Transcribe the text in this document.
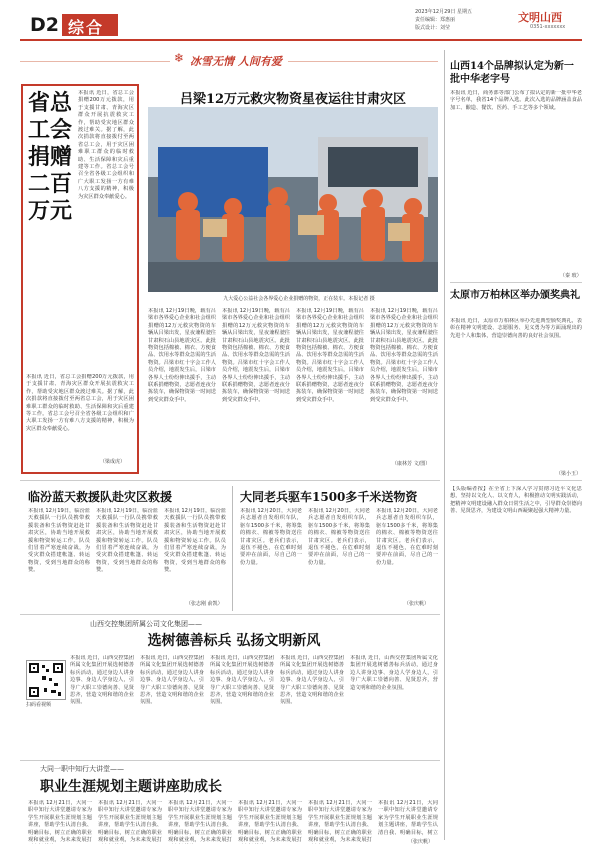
D2 综合
2023年12月29日 星期五
责任编辑：郑惠丽
版式设计：刘莹
文明山西
0351-xxxxxxx
❄ 冰雪无情 人间有爱
省总工会捐赠二百万元
本报讯 近日，省总工会捐赠200万元拨款，用于支援甘肃、青海灾区群众开展抗震救灾工作，帮助受灾地区群众渡过难关。据了解，此次捐款将直接拨付至两省总工会，用于灾区困难职工群众的临时救助、生活保障和灾后重建等工作。省总工会号召全省各级工会组织和广大职工发扬一方有难八方支援的精神，积极为灾区群众奉献爱心。
本报讯 近日，省总工会捐赠200万元拨款，用于支援甘肃、青海灾区群众开展抗震救灾工作，帮助受灾地区群众渡过难关。据了解，此次捐款将直接拨付至两省总工会，用于灾区困难职工群众的临时救助、生活保障和灾后重建等工作。省总工会号召全省各级工会组织和广大职工发扬一方有难八方支援的精神，积极为灾区群众奉献爱心。
（梁成虎）
吕梁12万元救灾物资星夜运往甘肃灾区
九大爱心公益社会各界爱心企业捐赠的物资，正在装车。本报记者 摄
本报讯 12月19日晚，载有吕梁市各界爱心企业和社会组织捐赠的12万元救灾物资的车辆从吕梁出发，星夜兼程驶往甘肃积石山县地震灾区。此批物资包括棉被、棉衣、方便食品、饮用水等群众急需的生活物资。吕梁市红十字会工作人员介绍，地震发生后，吕梁市各界人士纷纷伸出援手，主动联系捐赠物资，志愿者连夜分拣装车，确保物资第一时间送到受灾群众手中。
本报讯 12月19日晚，载有吕梁市各界爱心企业和社会组织捐赠的12万元救灾物资的车辆从吕梁出发，星夜兼程驶往甘肃积石山县地震灾区。此批物资包括棉被、棉衣、方便食品、饮用水等群众急需的生活物资。吕梁市红十字会工作人员介绍，地震发生后，吕梁市各界人士纷纷伸出援手，主动联系捐赠物资，志愿者连夜分拣装车，确保物资第一时间送到受灾群众手中。
本报讯 12月19日晚，载有吕梁市各界爱心企业和社会组织捐赠的12万元救灾物资的车辆从吕梁出发，星夜兼程驶往甘肃积石山县地震灾区。此批物资包括棉被、棉衣、方便食品、饮用水等群众急需的生活物资。吕梁市红十字会工作人员介绍，地震发生后，吕梁市各界人士纷纷伸出援手，主动联系捐赠物资，志愿者连夜分拣装车，确保物资第一时间送到受灾群众手中。
本报讯 12月19日晚，载有吕梁市各界爱心企业和社会组织捐赠的12万元救灾物资的车辆从吕梁出发，星夜兼程驶往甘肃积石山县地震灾区。此批物资包括棉被、棉衣、方便食品、饮用水等群众急需的生活物资。吕梁市红十字会工作人员介绍，地震发生后，吕梁市各界人士纷纷伸出援手，主动联系捐赠物资，志愿者连夜分拣装车，确保物资第一时间送到受灾群众手中。
（康林芳 文/图）
山西14个品牌拟认定为新一批中华老字号
本报讯 近日，商务部等部门公布了拟认定的新一批中华老字号名单，我省14个品牌入选。此次入选的品牌涵盖食品加工、酿造、餐饮、医药、手工艺等多个领域。
（秦 玻）
太原市万柏林区举办颁奖典礼
本报讯 近日，太原市万柏林区举办先进典型颁奖典礼，表彰在精神文明建设、志愿服务、见义勇为等方面涌现出的先进个人和集体，营造崇德向善的良好社会氛围。
（梁小玉）
【头版编者按】在全省上下深入学习贯彻习近平文化思想，坚持以文化人、以文育人，积极推动文明实践活动，把精神文明建设融入群众日常生活之中，引导群众崇德向善、见贤思齐，为建设文明山西凝聚起强大精神力量。
临汾蓝天救援队赴灾区救援
本报讯 12月19日，临汾蓝天救援队一行队员携带救援装备和生活物资赶赴甘肃灾区，协助当地开展救援和物资转运工作。队员们冒着严寒连续奋战，为受灾群众搭建帐篷、转运物资，受到当地群众的称赞。
本报讯 12月19日，临汾蓝天救援队一行队员携带救援装备和生活物资赶赴甘肃灾区，协助当地开展救援和物资转运工作。队员们冒着严寒连续奋战，为受灾群众搭建帐篷、转运物资，受到当地群众的称赞。
本报讯 12月19日，临汾蓝天救援队一行队员携带救援装备和生活物资赶赴甘肃灾区，协助当地开展救援和物资转运工作。队员们冒着严寒连续奋战，为受灾群众搭建帐篷、转运物资，受到当地群众的称赞。
（张志刚 俞凯）
大同老兵驱车1500多千米送物资
本报讯 12月20日，大同老兵志愿者自发组织车队，驱车1500多千米，将筹集的棉衣、棉被等物资送往甘肃灾区。老兵们表示，退伍不褪色，在危难时刻要冲在前面，尽自己的一份力量。
本报讯 12月20日，大同老兵志愿者自发组织车队，驱车1500多千米，将筹集的棉衣、棉被等物资送往甘肃灾区。老兵们表示，退伍不褪色，在危难时刻要冲在前面，尽自己的一份力量。
本报讯 12月20日，大同老兵志愿者自发组织车队，驱车1500多千米，将筹集的棉衣、棉被等物资送往甘肃灾区。老兵们表示，退伍不褪色，在危难时刻要冲在前面，尽自己的一份力量。
（张庆帆）
山西交控集团所属公司文化集团——
选树德善标兵 弘扬文明新风
扫码看视频
本报讯 近日，山西交控集团所属文化集团开展选树德善标兵活动，通过身边人讲身边事、身边人学身边人，引导广大职工崇德向善、见贤思齐，营造文明和谐的企业氛围。
本报讯 近日，山西交控集团所属文化集团开展选树德善标兵活动，通过身边人讲身边事、身边人学身边人，引导广大职工崇德向善、见贤思齐，营造文明和谐的企业氛围。
本报讯 近日，山西交控集团所属文化集团开展选树德善标兵活动，通过身边人讲身边事、身边人学身边人，引导广大职工崇德向善、见贤思齐，营造文明和谐的企业氛围。
本报讯 近日，山西交控集团所属文化集团开展选树德善标兵活动，通过身边人讲身边事、身边人学身边人，引导广大职工崇德向善、见贤思齐，营造文明和谐的企业氛围。
本报讯 近日，山西交控集团所属文化集团开展选树德善标兵活动，通过身边人讲身边事、身边人学身边人，引导广大职工崇德向善、见贤思齐，营造文明和谐的企业氛围。
大同一职中知行大讲堂——
职业生涯规划主题讲座助成长
本报讯 12月21日，大同一职中知行大讲堂邀请专家为学生开展职业生涯规划主题讲座，帮助学生认清自我、明确目标，树立正确的职业观和就业观，为未来发展打
本报讯 12月21日，大同一职中知行大讲堂邀请专家为学生开展职业生涯规划主题讲座，帮助学生认清自我、明确目标，树立正确的职业观和就业观，为未来发展打
本报讯 12月21日，大同一职中知行大讲堂邀请专家为学生开展职业生涯规划主题讲座，帮助学生认清自我、明确目标，树立正确的职业观和就业观，为未来发展打
本报讯 12月21日，大同一职中知行大讲堂邀请专家为学生开展职业生涯规划主题讲座，帮助学生认清自我、明确目标，树立正确的职业观和就业观，为未来发展打
本报讯 12月21日，大同一职中知行大讲堂邀请专家为学生开展职业生涯规划主题讲座，帮助学生认清自我、明确目标，树立正确的职业观和就业观，为未来发展打
本报讯 12月21日，大同一职中知行大讲堂邀请专家为学生开展职业生涯规划主题讲座，帮助学生认清自我、明确目标，树立
（张庆帆）
